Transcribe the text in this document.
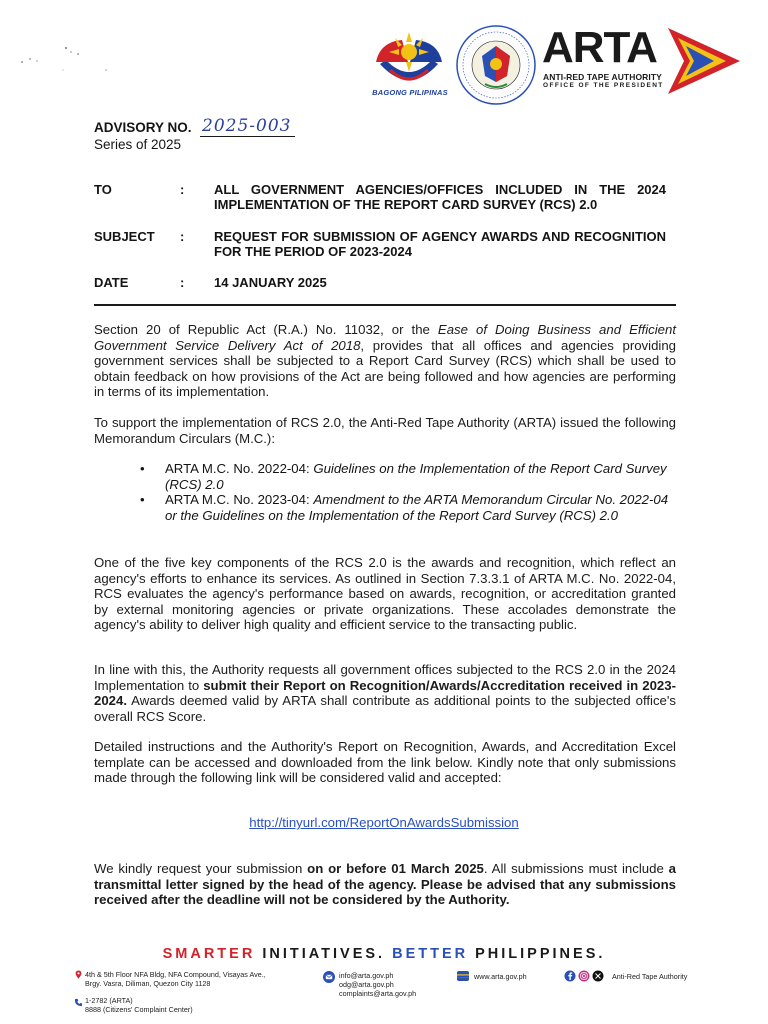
BAGONG PILIPINAS
ARTA
ANTI-RED TAPE AUTHORITY
OFFICE OF THE PRESIDENT
ADVISORY NO. 2025-003
Series of 2025
TO	: ALL GOVERNMENT AGENCIES/OFFICES INCLUDED IN THE 2024 IMPLEMENTATION OF THE REPORT CARD SURVEY (RCS) 2.0
SUBJECT : REQUEST FOR SUBMISSION OF AGENCY AWARDS AND RECOGNITION FOR THE PERIOD OF 2023-2024
DATE	: 14 JANUARY 2025

Section 20 of Republic Act (R.A.) No. 11032, or the Ease of Doing Business and Efficient Government Service Delivery Act of 2018, provides that all offices and agencies providing government services shall be subjected to a Report Card Survey (RCS) which shall be used to obtain feedback on how provisions of the Act are being followed and how agencies are performing in terms of its implementation.

To support the implementation of RCS 2.0, the Anti-Red Tape Authority (ARTA) issued the following Memorandum Circulars (M.C.):

• ARTA M.C. No. 2022-04: Guidelines on the Implementation of the Report Card Survey (RCS) 2.0
• ARTA M.C. No. 2023-04: Amendment to the ARTA Memorandum Circular No. 2022-04 or the Guidelines on the Implementation of the Report Card Survey (RCS) 2.0

One of the five key components of the RCS 2.0 is the awards and recognition, which reflect an agency's efforts to enhance its services. As outlined in Section 7.3.3.1 of ARTA M.C. No. 2022-04, RCS evaluates the agency's performance based on awards, recognition, or accreditation granted by external monitoring agencies or private organizations. These accolades demonstrate the agency's ability to deliver high quality and efficient service to the transacting public.

In line with this, the Authority requests all government offices subjected to the RCS 2.0 in the 2024 Implementation to submit their Report on Recognition/Awards/Accreditation received in 2023-2024. Awards deemed valid by ARTA shall contribute as additional points to the subjected office's overall RCS Score.

Detailed instructions and the Authority's Report on Recognition, Awards, and Accreditation Excel template can be accessed and downloaded from the link below. Kindly note that only submissions made through the following link will be considered valid and accepted:

http://tinyurl.com/ReportOnAwardsSubmission

We kindly request your submission on or before 01 March 2025. All submissions must include a transmittal letter signed by the head of the agency. Please be advised that any submissions received after the deadline will not be considered by the Authority.

SMARTER INITIATIVES. BETTER PHILIPPINES.
4th & 5th Floor NFA Bldg, NFA Compound, Visayas Ave.,
Brgy. Vasra, Diliman, Quezon City 1128
1-2782 (ARTA)
8888 (Citizens' Complaint Center)
info@arta.gov.ph
odg@arta.gov.ph
complaints@arta.gov.ph
www.arta.gov.ph	Anti-Red Tape Authority
